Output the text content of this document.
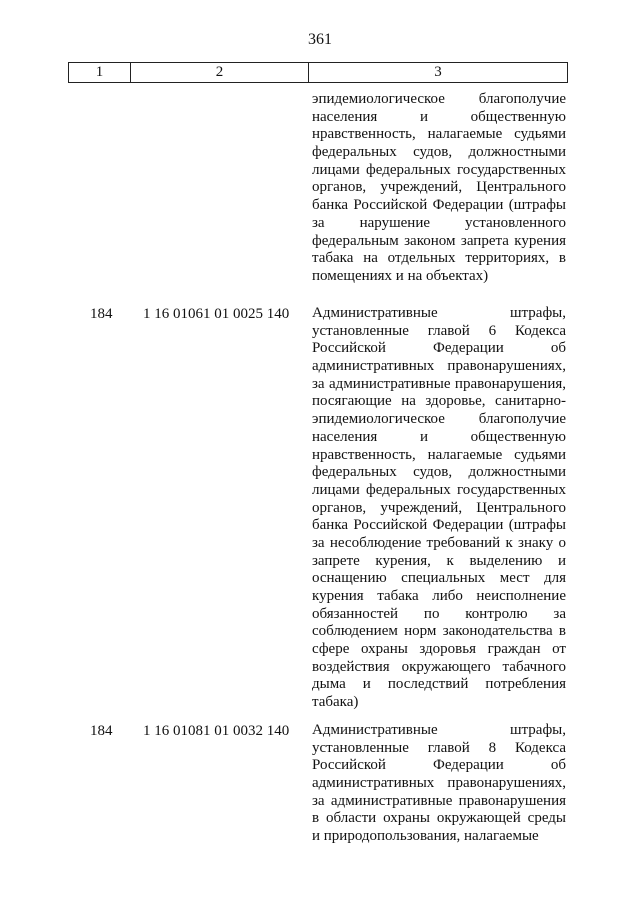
361
1	2	3
эпидемиологическое благополучие
населения и общественную
нравственность, налагаемые судьями
федеральных судов, должностными
лицами федеральных государственных
органов, учреждений, Центрального
банка Российской Федерации (штрафы
за нарушение установленного
федеральным законом запрета курения
табака на отдельных территориях, в
помещениях и на объектах)
184 1 16 01061 01 0025 140 Административные штрафы,
установленные главой 6 Кодекса
Российской Федерации об
административных правонарушениях,
за административные правонарушения,
посягающие на здоровье, санитарно-
эпидемиологическое благополучие
населения и общественную
нравственность, налагаемые судьями
федеральных судов, должностными
лицами федеральных государственных
органов, учреждений, Центрального
банка Российской Федерации (штрафы
за несоблюдение требований к знаку о
запрете курения, к выделению и
оснащению специальных мест для
курения табака либо неисполнение
обязанностей по контролю за
соблюдением норм законодательства в
сфере охраны здоровья граждан от
воздействия окружающего табачного
дыма и последствий потребления
табака)
184 1 16 01081 01 0032 140 Административные штрафы,
установленные главой 8 Кодекса
Российской Федерации об
административных правонарушениях,
за административные правонарушения
в области охраны окружающей среды
и природопользования, налагаемые
